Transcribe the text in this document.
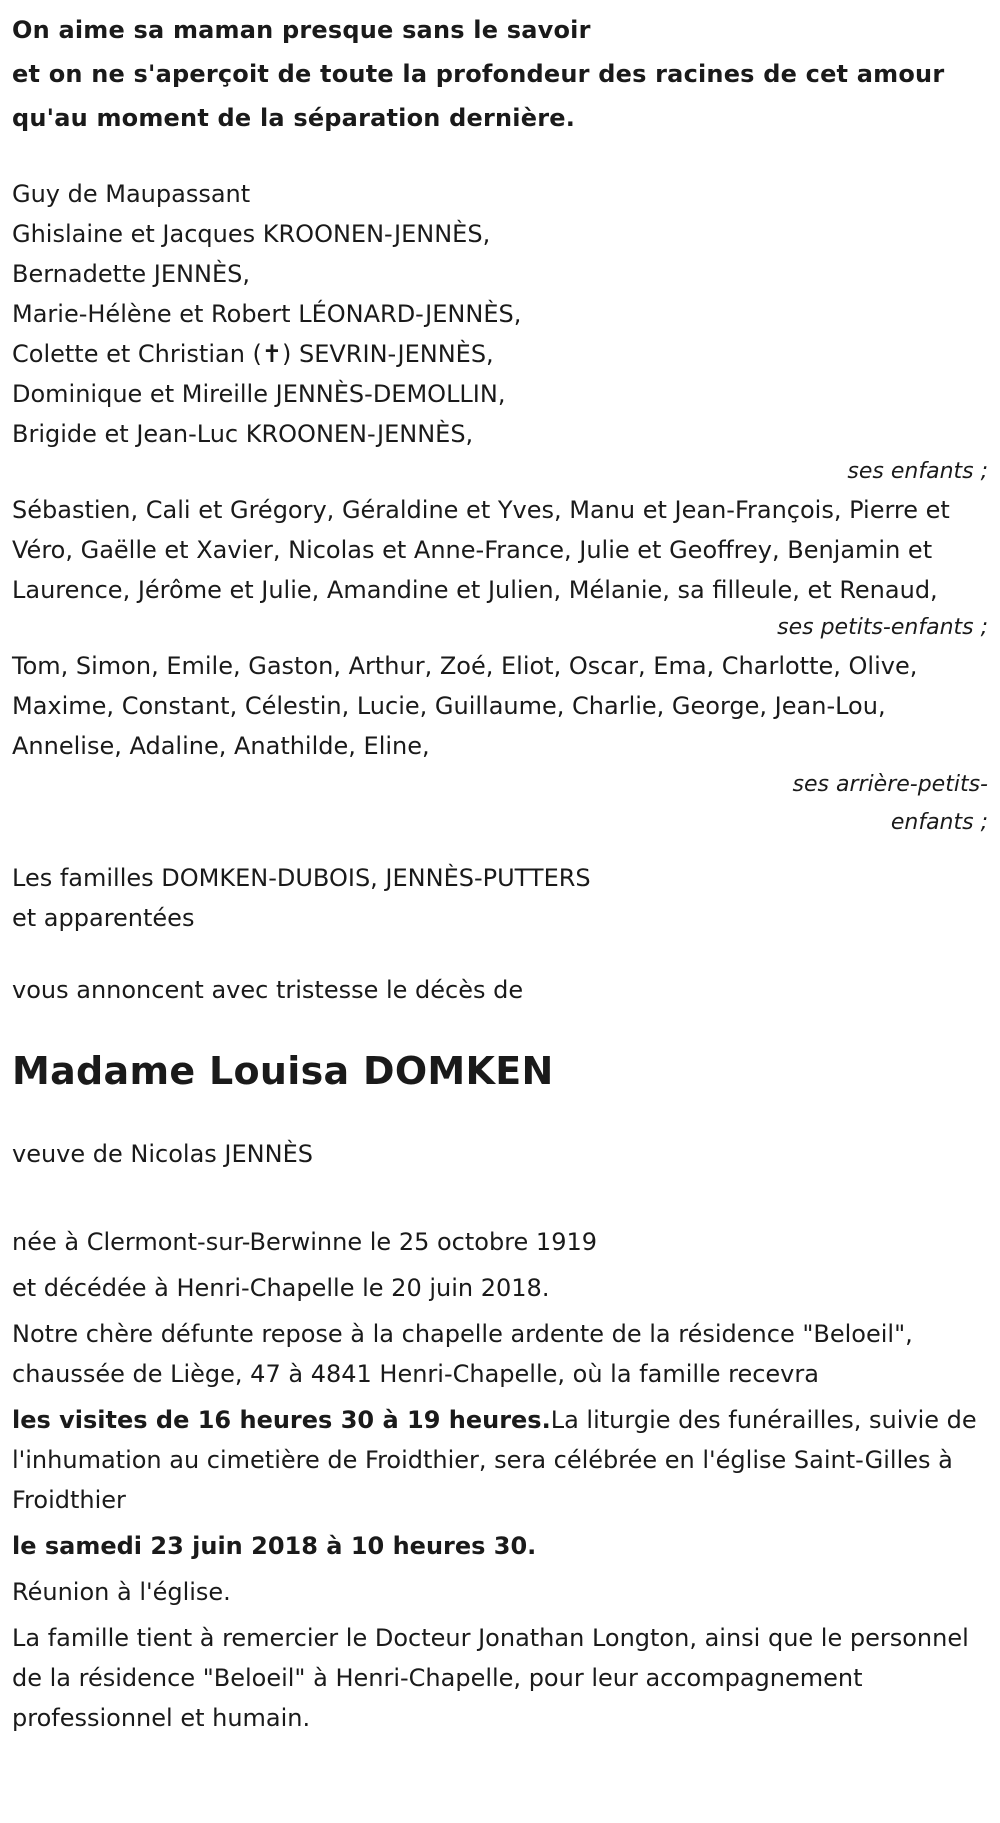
On aime sa maman presque sans le savoir

et on ne s'aperçoit de toute la profondeur des racines de cet amour

qu'au moment de la séparation dernière.

Guy de Maupassant

Ghislaine et Jacques KROONEN-JENNÈS,

Bernadette JENNÈS,

Marie-Hélène et Robert LÉONARD-JENNÈS,

Colette et Christian (✝) SEVRIN-JENNÈS,

Dominique et Mireille JENNÈS-DEMOLLIN,

Brigide et Jean-Luc KROONEN-JENNÈS,

ses enfants ;

Sébastien, Cali et Grégory, Géraldine et Yves, Manu et Jean-François, Pierre et Véro, Gaëlle et Xavier, Nicolas et Anne-France, Julie et Geoffrey, Benjamin et Laurence, Jérôme et Julie, Amandine et Julien, Mélanie, sa filleule, et Renaud,

ses petits-enfants ;

Tom, Simon, Emile, Gaston, Arthur, Zoé, Eliot, Oscar, Ema, Charlotte, Olive, Maxime, Constant, Célestin, Lucie, Guillaume, Charlie, George, Jean-Lou, Annelise, Adaline, Anathilde, Eline,

ses arrière-petits-enfants ;

Les familles DOMKEN-DUBOIS, JENNÈS-PUTTERS

et apparentées

vous annoncent avec tristesse le décès de

Madame Louisa DOMKEN

veuve de Nicolas JENNÈS

née à Clermont-sur-Berwinne le 25 octobre 1919

et décédée à Henri-Chapelle le 20 juin 2018.

Notre chère défunte repose à la chapelle ardente de la résidence "Beloeil", chaussée de Liège, 47 à 4841 Henri-Chapelle, où la famille recevra

les visites de 16 heures 30 à 19 heures.La liturgie des funérailles, suivie de l'inhumation au cimetière de Froidthier, sera célébrée en l'église Saint-Gilles à Froidthier

le samedi 23 juin 2018 à 10 heures 30.

Réunion à l'église.

La famille tient à remercier le Docteur Jonathan Longton, ainsi que le personnel de la résidence "Beloeil" à Henri-Chapelle, pour leur accompagnement professionnel et humain.
